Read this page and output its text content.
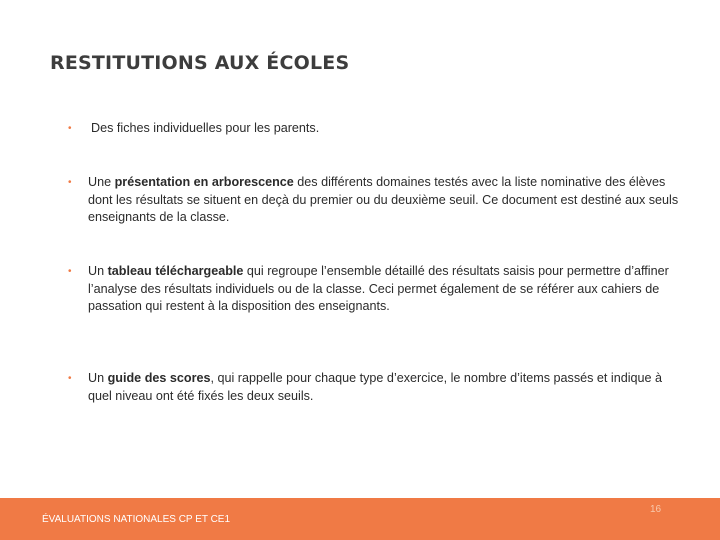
RESTITUTIONS AUX ÉCOLES
•	Des fiches individuelles pour les parents.
•	Une présentation en arborescence des différents domaines testés avec la liste nominative des élèves dont les résultats se situent en deçà du premier ou du deuxième seuil. Ce document est destiné aux seuls enseignants de la classe.
•	Un tableau téléchargeable qui regroupe l’ensemble détaillé des résultats saisis pour permettre d’affiner l’analyse des résultats individuels ou de la classe. Ceci permet également de se référer aux cahiers de passation qui restent à la disposition des enseignants.
•	Un guide des scores, qui rappelle pour chaque type d’exercice, le nombre d’items passés et indique à quel niveau ont été fixés les deux seuils.
ÉVALUATIONS NATIONALES CP ET CE1
16
